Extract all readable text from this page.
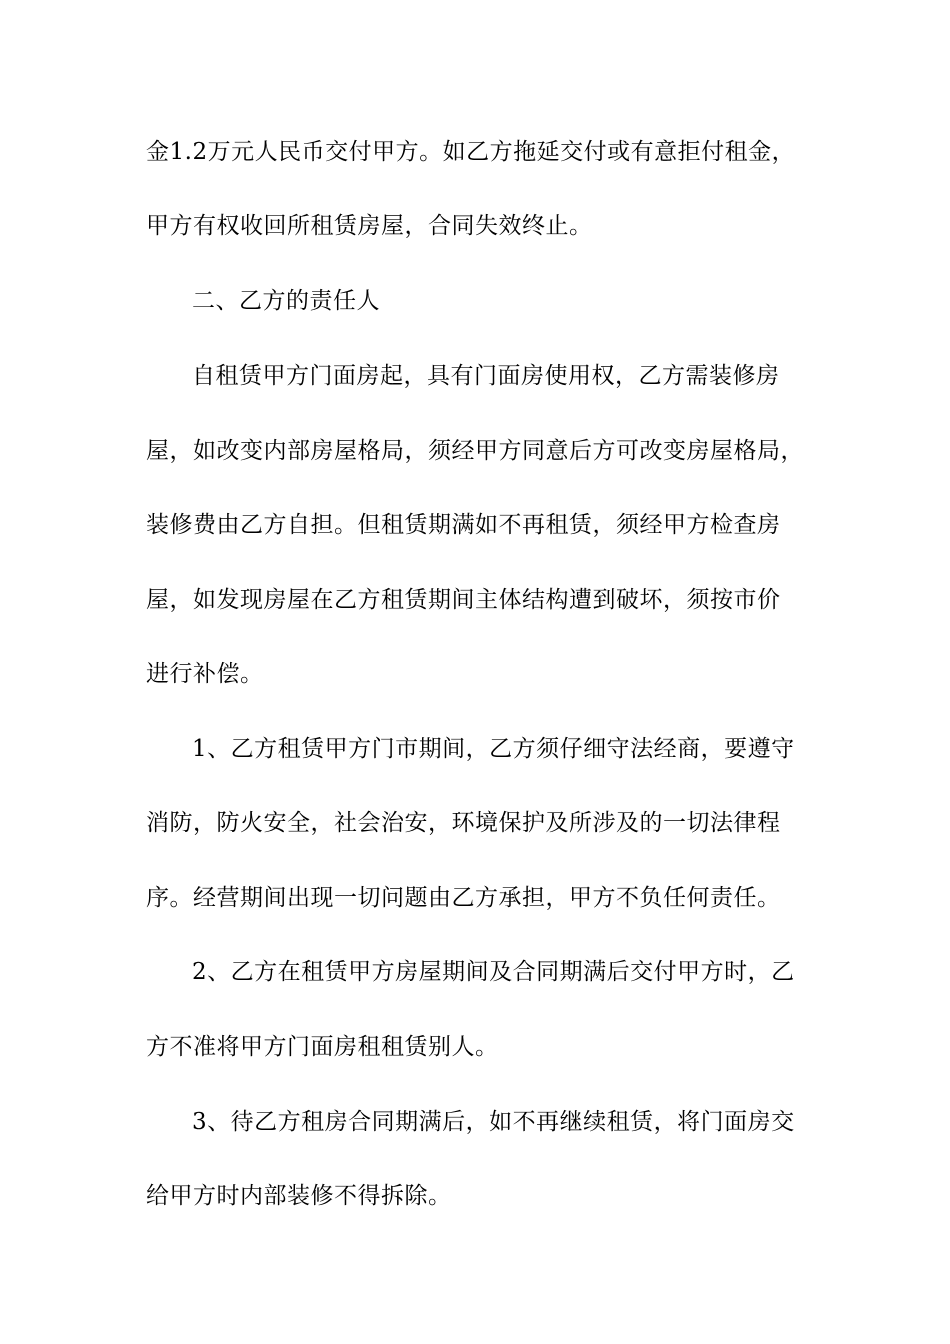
金1.2万元人民币交付甲方。如乙方拖延交付或有意拒付租金，
甲方有权收回所租赁房屋，合同失效终止。
二、乙方的责任人
自租赁甲方门面房起，具有门面房使用权，乙方需装修房
屋，如改变内部房屋格局，须经甲方同意后方可改变房屋格局，
装修费由乙方自担。但租赁期满如不再租赁，须经甲方检查房
屋，如发现房屋在乙方租赁期间主体结构遭到破坏，须按市价
进行补偿。
1、乙方租赁甲方门市期间，乙方须仔细守法经商，要遵守
消防，防火安全，社会治安，环境保护及所涉及的一切法律程
序。经营期间出现一切问题由乙方承担，甲方不负任何责任。
2、乙方在租赁甲方房屋期间及合同期满后交付甲方时，乙
方不准将甲方门面房租租赁别人。
3、待乙方租房合同期满后，如不再继续租赁，将门面房交
给甲方时内部装修不得拆除。
